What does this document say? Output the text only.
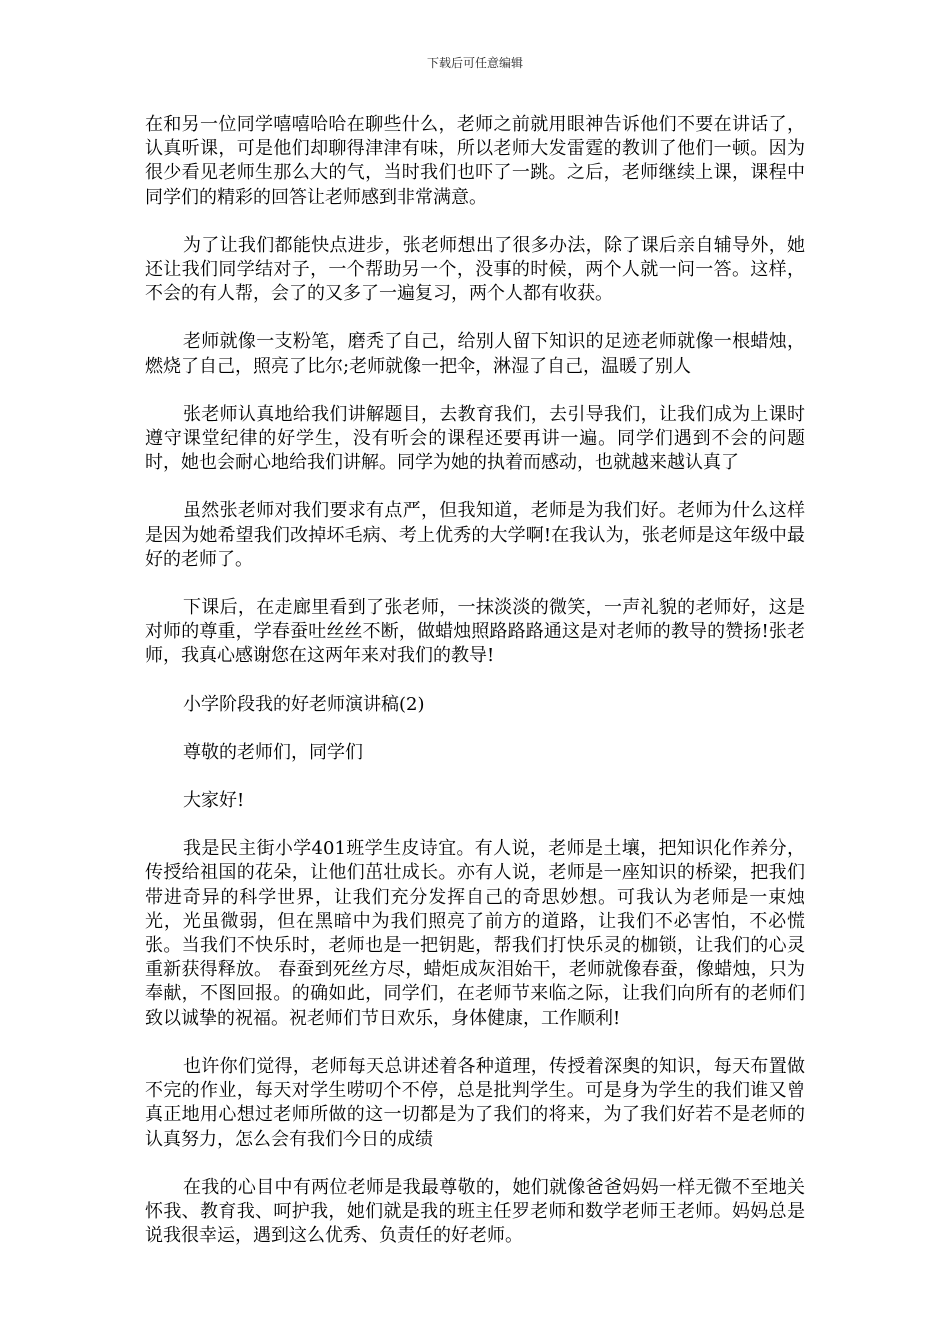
下载后可任意编辑

在和另一位同学嘻嘻哈哈在聊些什么，老师之前就用眼神告诉他们不要在讲话了，认真听课，可是他们却聊得津津有味，所以老师大发雷霆的教训了他们一顿。因为很少看见老师生那么大的气，当时我们也吓了一跳。之后，老师继续上课，课程中同学们的精彩的回答让老师感到非常满意。

为了让我们都能快点进步，张老师想出了很多办法，除了课后亲自辅导外，她还让我们同学结对子，一个帮助另一个，没事的时候，两个人就一问一答。这样，不会的有人帮，会了的又多了一遍复习，两个人都有收获。

老师就像一支粉笔，磨秃了自己，给别人留下知识的足迹老师就像一根蜡烛，燃烧了自己，照亮了比尔;老师就像一把伞，淋湿了自己，温暖了别人

张老师认真地给我们讲解题目，去教育我们，去引导我们，让我们成为上课时遵守课堂纪律的好学生，没有听会的课程还要再讲一遍。同学们遇到不会的问题时，她也会耐心地给我们讲解。同学为她的执着而感动，也就越来越认真了

虽然张老师对我们要求有点严，但我知道，老师是为我们好。老师为什么这样是因为她希望我们改掉坏毛病、考上优秀的大学啊!在我认为，张老师是这年级中最好的老师了。

下课后，在走廊里看到了张老师，一抹淡淡的微笑，一声礼貌的老师好，这是对师的尊重，学春蚕吐丝丝不断，做蜡烛照路路路通这是对老师的教导的赞扬!张老师，我真心感谢您在这两年来对我们的教导!

小学阶段我的好老师演讲稿(2)

尊敬的老师们，同学们

大家好!

我是民主街小学401班学生皮诗宜。有人说，老师是土壤，把知识化作养分，传授给祖国的花朵，让他们茁壮成长。亦有人说，老师是一座知识的桥梁，把我们带进奇异的科学世界，让我们充分发挥自己的奇思妙想。可我认为老师是一束烛光，光虽微弱，但在黑暗中为我们照亮了前方的道路，让我们不必害怕，不必慌张。当我们不快乐时，老师也是一把钥匙，帮我们打快乐灵的枷锁，让我们的心灵重新获得释放。 春蚕到死丝方尽，蜡炬成灰泪始干，老师就像春蚕，像蜡烛，只为奉献，不图回报。的确如此，同学们，在老师节来临之际，让我们向所有的老师们致以诚挚的祝福。祝老师们节日欢乐，身体健康，工作顺利!

也许你们觉得，老师每天总讲述着各种道理，传授着深奥的知识，每天布置做不完的作业，每天对学生唠叨个不停，总是批判学生。可是身为学生的我们谁又曾真正地用心想过老师所做的这一切都是为了我们的将来，为了我们好若不是老师的认真努力，怎么会有我们今日的成绩

在我的心目中有两位老师是我最尊敬的，她们就像爸爸妈妈一样无微不至地关怀我、教育我、呵护我，她们就是我的班主任罗老师和数学老师王老师。妈妈总是说我很幸运，遇到这么优秀、负责任的好老师。
